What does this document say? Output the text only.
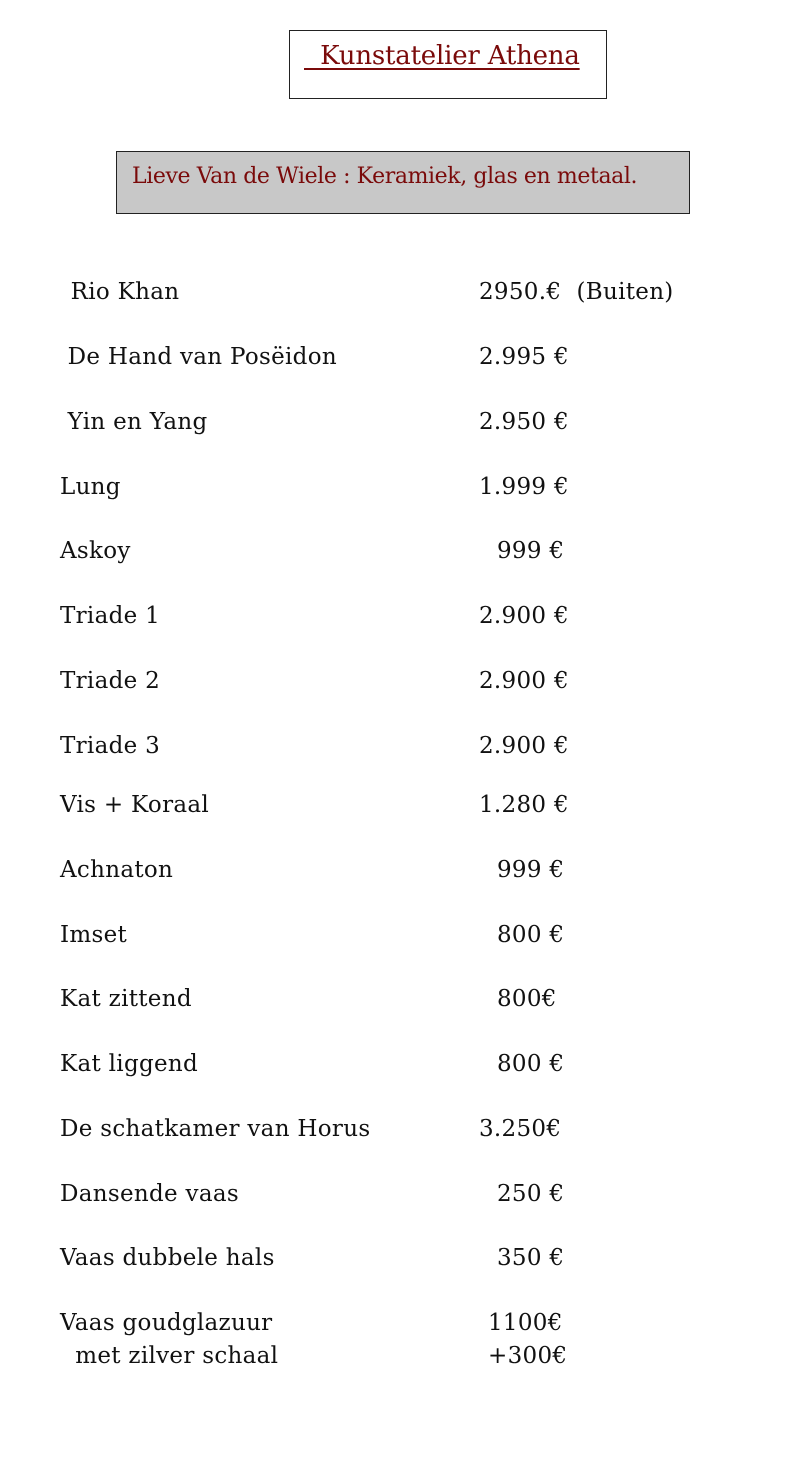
Kunstatelier Athena
Lieve Van de Wiele : Keramiek, glas en metaal.
Rio Khan	2950.€  (Buiten)
De Hand van Posëidon	2.995 €
Yin en Yang	2.950 €
Lung	1.999 €
Askoy	999 €
Triade 1	2.900 €
Triade 2	2.900 €
Triade 3	2.900 €
Vis + Koraal	1.280 €
Achnaton	999 €
Imset	800 €
Kat zittend	800€
Kat liggend	800 €
De schatkamer van Horus	3.250€
Dansende vaas	250 €
Vaas dubbele hals	350 €
Vaas goudglazuur	1100€
met zilver schaal	+300€
